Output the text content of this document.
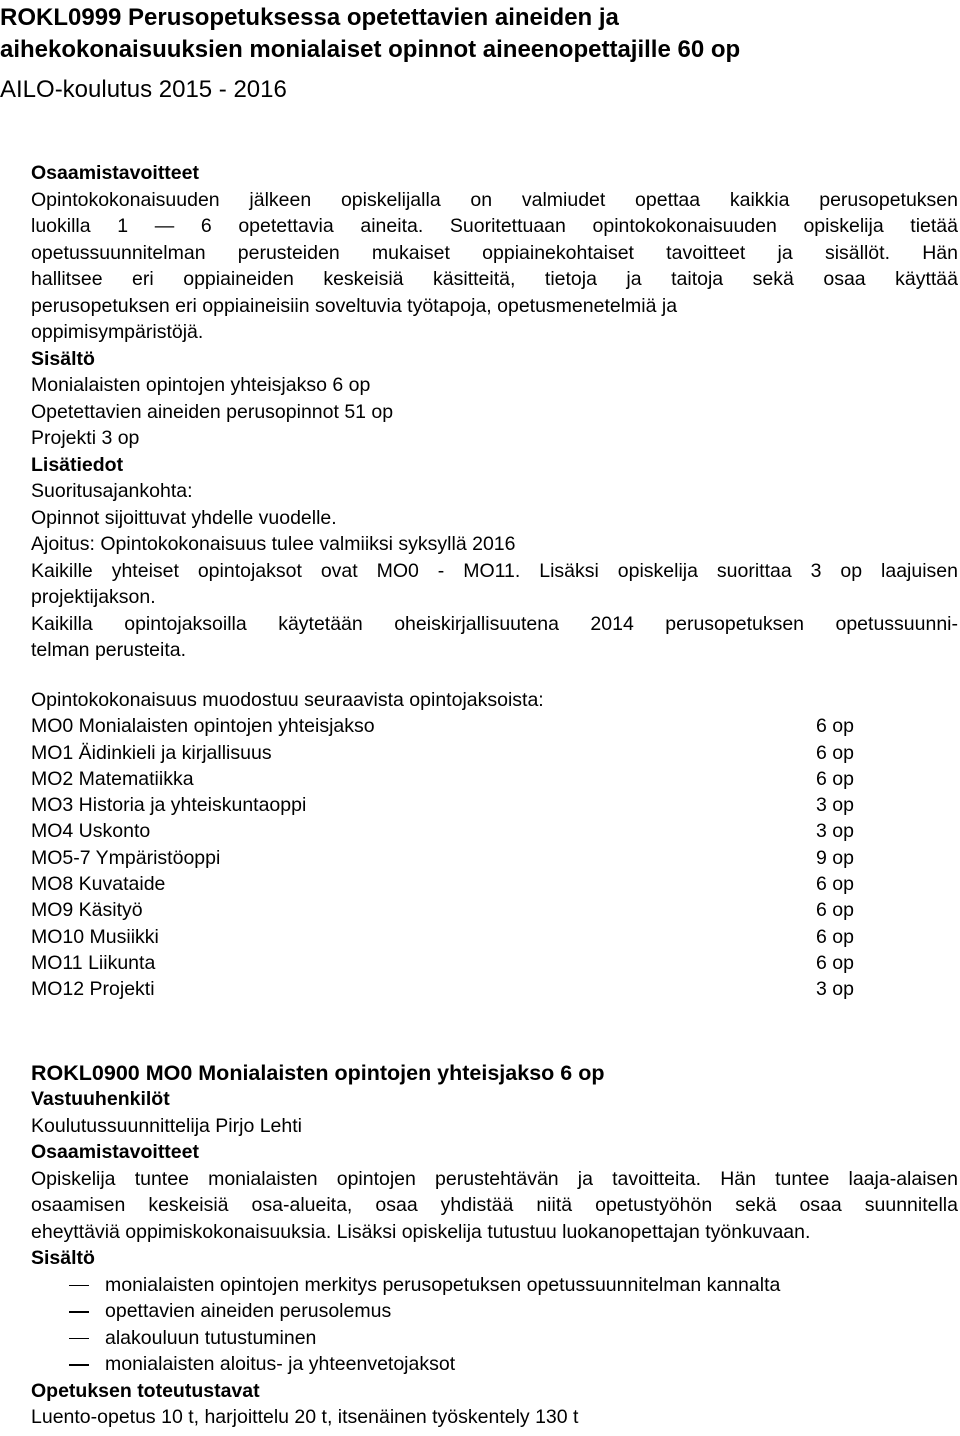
ROKL0999 Perusopetuksessa opetettavien aineiden ja
aihekokonaisuuksien monialaiset opinnot aineenopettajille 60 op
AILO-koulutus 2015 - 2016
Osaamistavoitteet
Opintokokonaisuuden jälkeen opiskelijalla on valmiudet opettaa kaikkia perusopetuksen
luokilla 1 — 6 opetettavia aineita. Suoritettuaan opintokokonaisuuden opiskelija tietää
opetussuunnitelman perusteiden mukaiset oppiainekohtaiset tavoitteet ja sisällöt. Hän
hallitsee eri oppiaineiden keskeisiä käsitteitä, tietoja ja taitoja sekä osaa käyttää
perusopetuksen eri oppiaineisiin soveltuvia työtapoja, opetusmenetelmiä ja
oppimisympäristöjä.
Sisältö
Monialaisten opintojen yhteisjakso 6 op
Opetettavien aineiden perusopinnot 51 op
Projekti 3 op
Lisätiedot
Suoritusajankohta:
Opinnot sijoittuvat yhdelle vuodelle.
Ajoitus: Opintokokonaisuus tulee valmiiksi syksyllä 2016
Kaikille yhteiset opintojaksot ovat MO0 - MO11. Lisäksi opiskelija suorittaa 3 op laajuisen
projektijakson.
Kaikilla opintojaksoilla käytetään oheiskirjallisuutena 2014 perusopetuksen opetussuunni-
telman perusteita.
Opintokokonaisuus muodostuu seuraavista opintojaksoista:
MO0 Monialaisten opintojen yhteisjakso	6 op
MO1 Äidinkieli ja kirjallisuus	6 op
MO2 Matematiikka	6 op
MO3 Historia ja yhteiskuntaoppi	3 op
MO4 Uskonto	3 op
MO5-7 Ympäristöoppi	9 op
MO8 Kuvataide	6 op
MO9 Käsityö	6 op
MO10 Musiikki	6 op
MO11 Liikunta	6 op
MO12 Projekti	3 op
ROKL0900 MO0 Monialaisten opintojen yhteisjakso 6 op
Vastuuhenkilöt
Koulutussuunnittelija Pirjo Lehti
Osaamistavoitteet
Opiskelija tuntee monialaisten opintojen perustehtävän ja tavoitteita. Hän tuntee laaja-alaisen
osaamisen keskeisiä osa-alueita, osaa yhdistää niitä opetustyöhön sekä osaa suunnitella
eheyttäviä oppimiskokonaisuuksia. Lisäksi opiskelija tutustuu luokanopettajan työnkuvaan.
Sisältö
monialaisten opintojen merkitys perusopetuksen opetussuunnitelman kannalta
opettavien aineiden perusolemus
alakouluun tutustuminen
monialaisten aloitus- ja yhteenvetojaksot
Opetuksen toteutustavat
Luento-opetus 10 t, harjoittelu 20 t, itsenäinen työskentely 130 t
